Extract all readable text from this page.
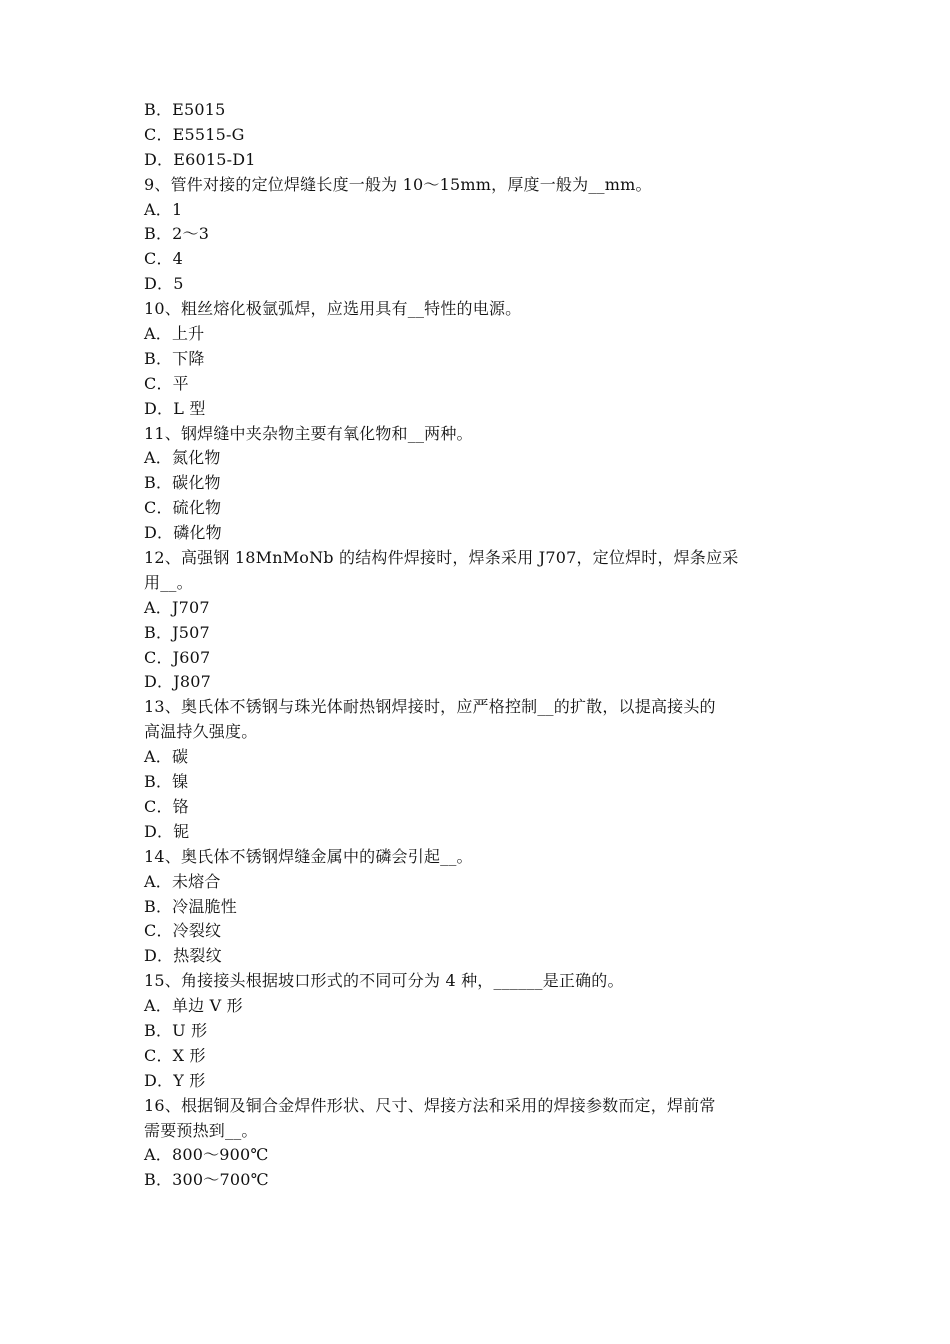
B．E5015
C．E5515-G
D．E6015-D1
9、管件对接的定位焊缝长度一般为 10～15mm，厚度一般为__mm。
A．1
B．2～3
C．4
D．5
10、粗丝熔化极氩弧焊，应选用具有__特性的电源。
A．上升
B．下降
C．平
D．L 型
11、钢焊缝中夹杂物主要有氧化物和__两种。
A．氮化物
B．碳化物
C．硫化物
D．磷化物
12、高强钢 18MnMoNb 的结构件焊接时，焊条采用 J707，定位焊时，焊条应采
用__。
A．J707
B．J507
C．J607
D．J807
13、奥氏体不锈钢与珠光体耐热钢焊接时，应严格控制__的扩散，以提高接头的
高温持久强度。
A．碳
B．镍
C．铬
D．铌
14、奥氏体不锈钢焊缝金属中的磷会引起__。
A．未熔合
B．冷温脆性
C．冷裂纹
D．热裂纹
15、角接接头根据坡口形式的不同可分为 4 种，______是正确的。
A．单边 V 形
B．U 形
C．X 形
D．Y 形
16、根据铜及铜合金焊件形状、尺寸、焊接方法和采用的焊接参数而定，焊前常
需要预热到__。
A．800～900℃
B．300～700℃
